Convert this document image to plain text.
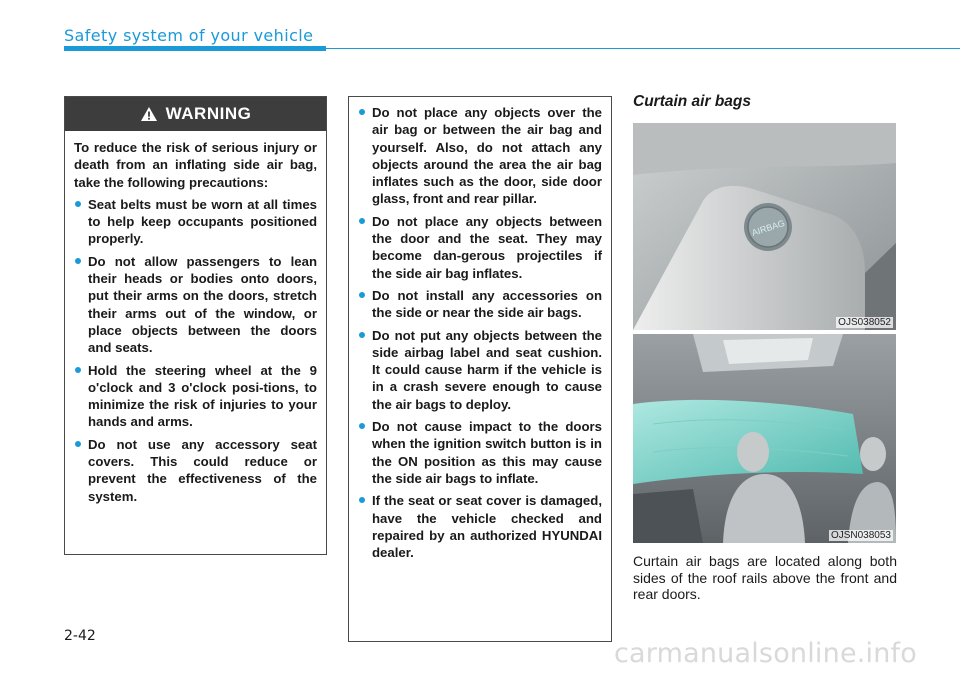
Safety system of your vehicle
WARNING

To reduce the risk of serious injury or death from an inflating side air bag, take the following precautions:

Seat belts must be worn at all times to help keep occupants positioned properly.
Do not allow passengers to lean their heads or bodies onto doors, put their arms on the doors, stretch their arms out of the window, or place objects between the doors and seats.
Hold the steering wheel at the 9 o'clock and 3 o'clock posi-tions, to minimize the risk of injuries to your hands and arms.
Do not use any accessory seat covers. This could reduce or prevent the effectiveness of the system.
Do not place any objects over the air bag or between the air bag and yourself. Also, do not attach any objects around the area the air bag inflates such as the door, side door glass, front and rear pillar.
Do not place any objects between the door and the seat. They may become dan-gerous projectiles if the side air bag inflates.
Do not install any accessories on the side or near the side air bags.
Do not put any objects between the side airbag label and seat cushion. It could cause harm if the vehicle is in a crash severe enough to cause the air bags to deploy.
Do not cause impact to the doors when the ignition switch button is in the ON position as this may cause the side air bags to inflate.
If the seat or seat cover is damaged, have the vehicle checked and repaired by an authorized HYUNDAI dealer.
Curtain air bags
AIRBAG
OJS038052
OJSN038053
Curtain air bags are located along both sides of the roof rails above the front and rear doors.
2-42
carmanualsonline.info
